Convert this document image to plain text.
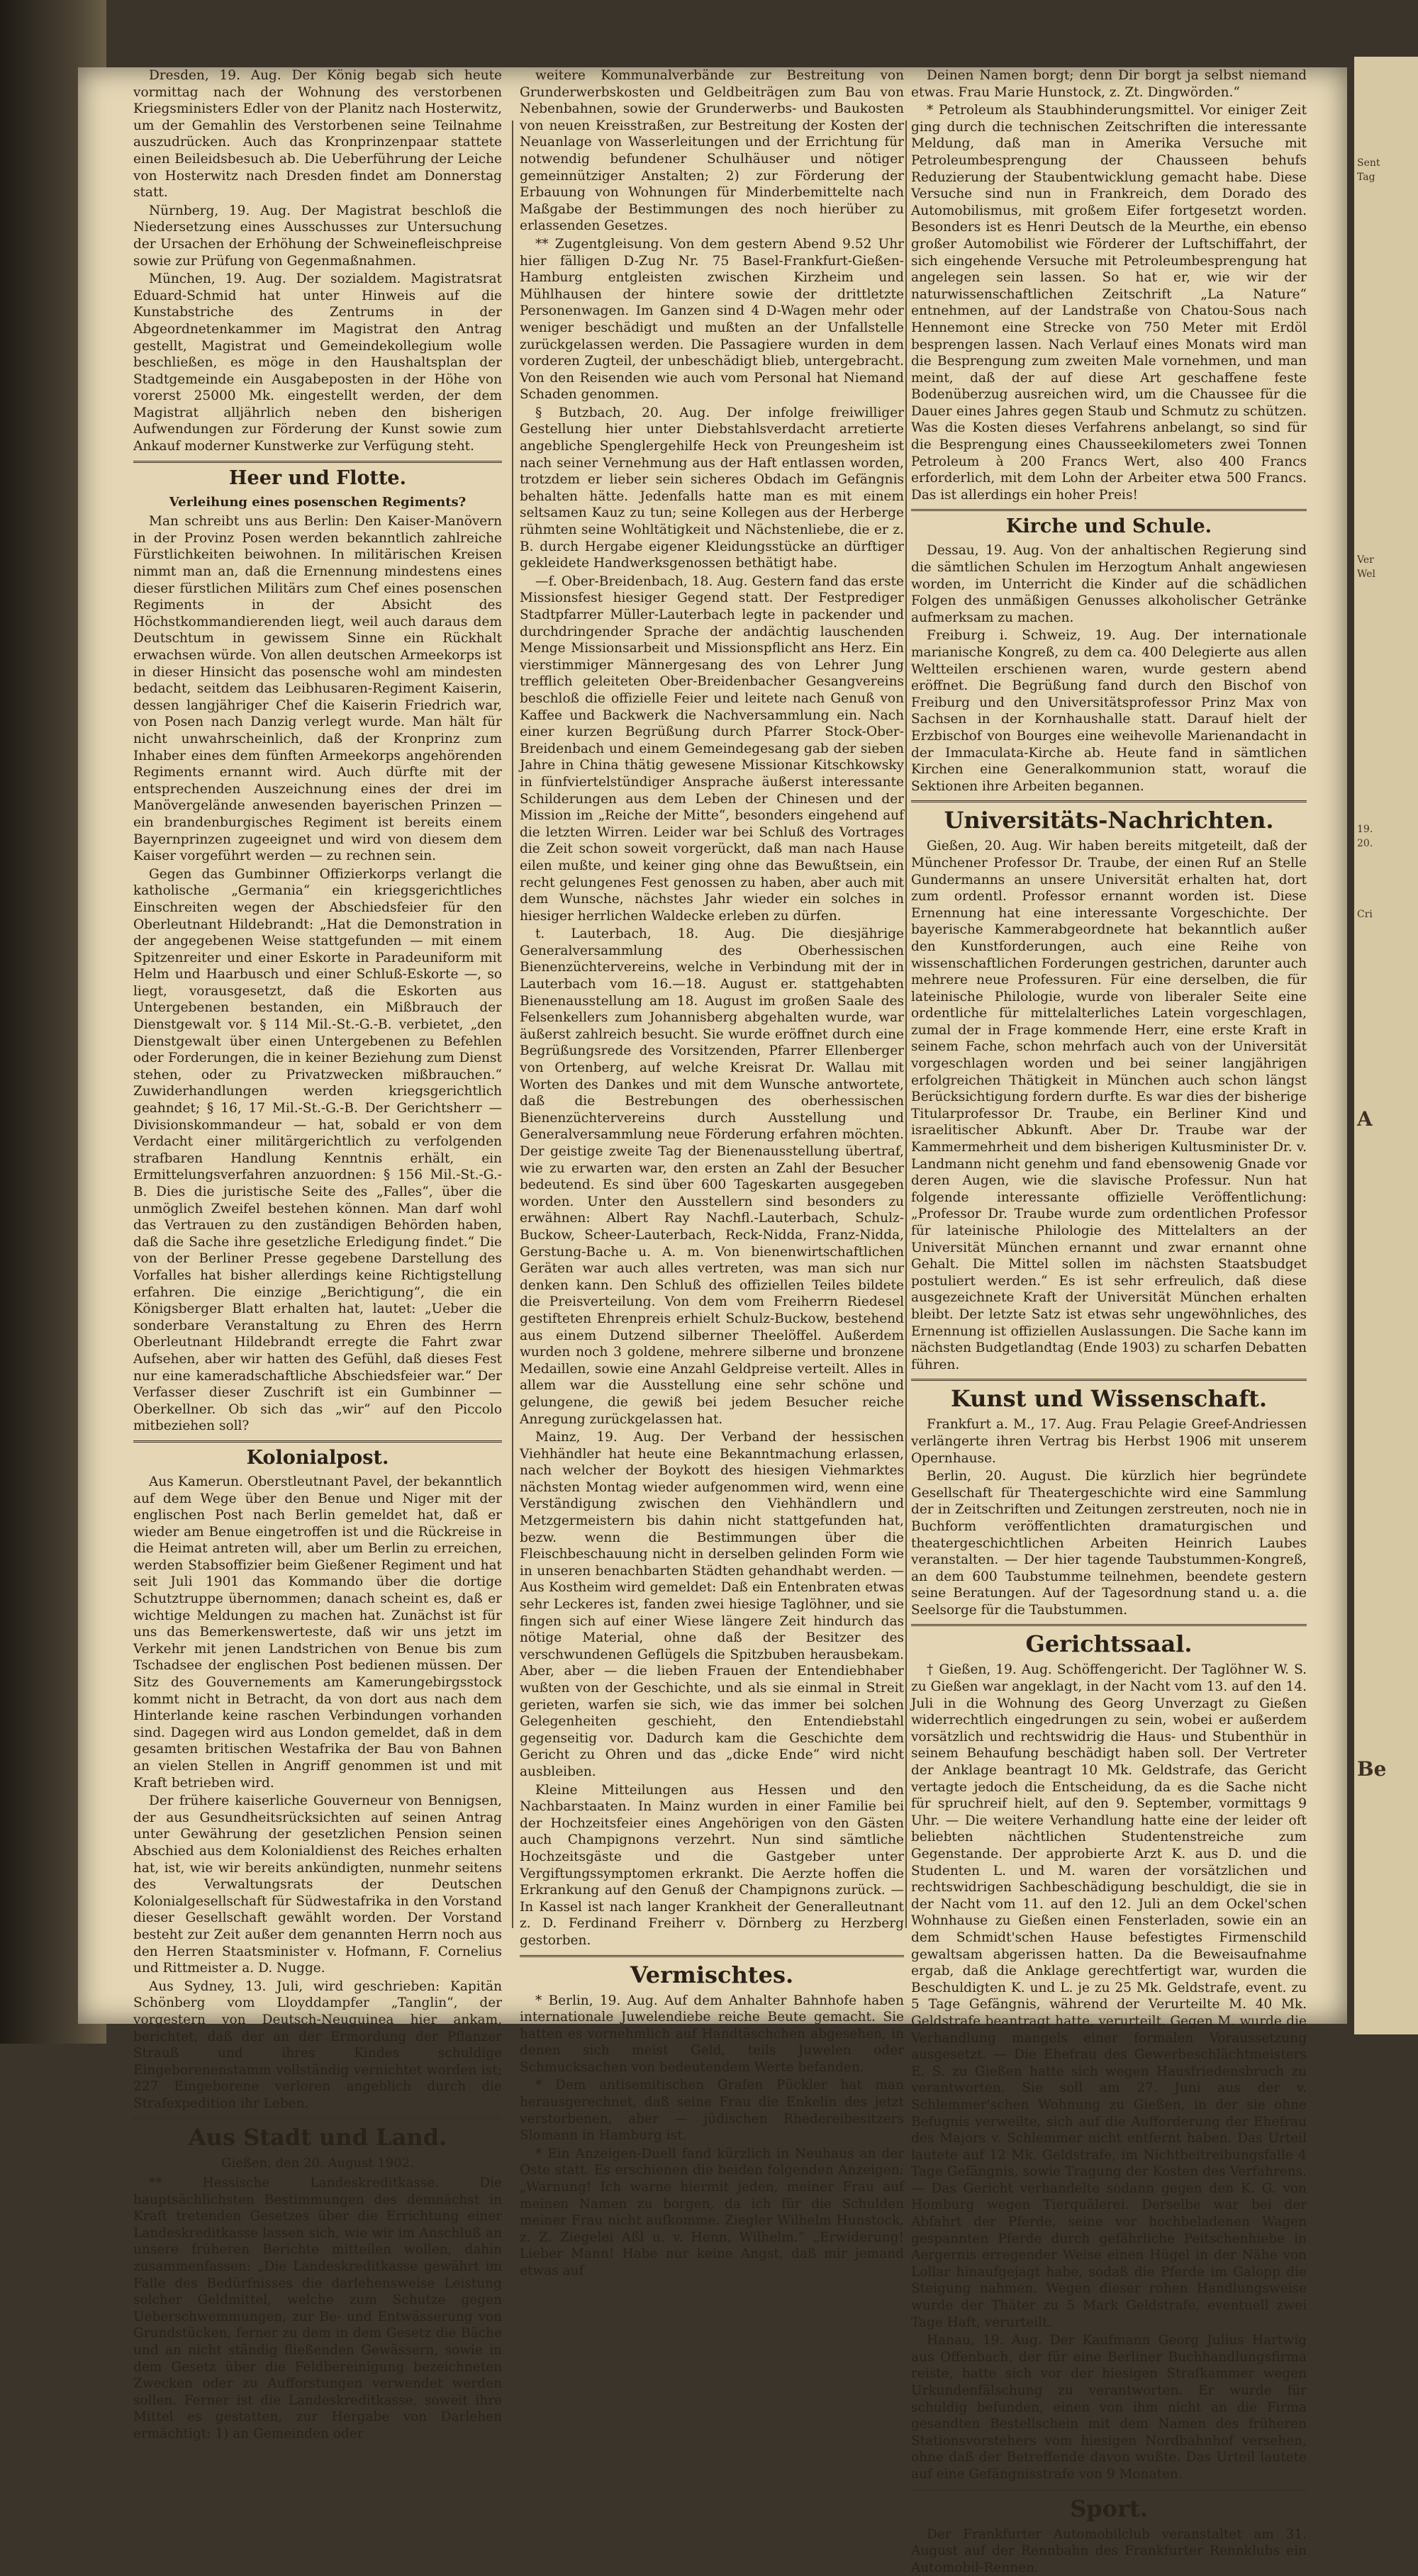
Sent
Tag
Ver
Wel
19.
20.
Cri
A
Be

Dresden, 19. Aug. Der König begab sich heute vormittag nach der Wohnung des verstorbenen Kriegsministers Edler von der Planitz nach Hosterwitz, um der Gemahlin des Verstorbenen seine Teilnahme auszudrücken. Auch das Kronprinzenpaar stattete einen Beileidsbesuch ab. Die Ueberführung der Leiche von Hosterwitz nach Dresden findet am Donnerstag statt.

Nürnberg, 19. Aug. Der Magistrat beschloß die Niedersetzung eines Ausschusses zur Untersuchung der Ursachen der Erhöhung der Schweinefleischpreise sowie zur Prüfung von Gegenmaßnahmen.

München, 19. Aug. Der sozialdem. Magistratsrat Eduard-Schmid hat unter Hinweis auf die Kunstabstriche des Zentrums in der Abgeordnetenkammer im Magistrat den Antrag gestellt, Magistrat und Gemeindekollegium wolle beschließen, es möge in den Haushaltsplan der Stadtgemeinde ein Ausgabeposten in der Höhe von vorerst 25000 Mk. eingestellt werden, der dem Magistrat alljährlich neben den bisherigen Aufwendungen zur Förderung der Kunst sowie zum Ankauf moderner Kunstwerke zur Verfügung steht.

Heer und Flotte.
Verleihung eines posenschen Regiments?

Man schreibt uns aus Berlin: Den Kaiser-Manövern in der Provinz Posen werden bekanntlich zahlreiche Fürstlichkeiten beiwohnen. In militärischen Kreisen nimmt man an, daß die Ernennung mindestens eines dieser fürstlichen Militärs zum Chef eines posenschen Regiments in der Absicht des Höchstkommandierenden liegt, weil auch daraus dem Deutschtum in gewissem Sinne ein Rückhalt erwachsen würde. Von allen deutschen Armeekorps ist in dieser Hinsicht das posensche wohl am mindesten bedacht, seitdem das Leibhusaren-Regiment Kaiserin, dessen langjähriger Chef die Kaiserin Friedrich war, von Posen nach Danzig verlegt wurde. Man hält für nicht unwahrscheinlich, daß der Kronprinz zum Inhaber eines dem fünften Armeekorps angehörenden Regiments ernannt wird. Auch dürfte mit der entsprechenden Auszeichnung eines der drei im Manövergelände anwesenden bayerischen Prinzen — ein brandenburgisches Regiment ist bereits einem Bayernprinzen zugeeignet und wird von diesem dem Kaiser vorgeführt werden — zu rechnen sein.

Gegen das Gumbinner Offizierkorps verlangt die katholische „Germania“ ein kriegsgerichtliches Einschreiten wegen der Abschiedsfeier für den Oberleutnant Hildebrandt: „Hat die Demonstration in der angegebenen Weise stattgefunden — mit einem Spitzenreiter und einer Eskorte in Paradeuniform mit Helm und Haarbusch und einer Schluß-Eskorte —, so liegt, vorausgesetzt, daß die Eskorten aus Untergebenen bestanden, ein Mißbrauch der Dienstgewalt vor. § 114 Mil.-St.-G.-B. verbietet, „den Dienstgewalt über einen Untergebenen zu Befehlen oder Forderungen, die in keiner Beziehung zum Dienst stehen, oder zu Privatzwecken mißbrauchen.“ Zuwiderhandlungen werden kriegsgerichtlich geahndet; § 16, 17 Mil.-St.-G.-B. Der Gerichtsherr — Divisionskommandeur — hat, sobald er von dem Verdacht einer militärgerichtlich zu verfolgenden strafbaren Handlung Kenntnis erhält, ein Ermittelungsverfahren anzuordnen: § 156 Mil.-St.-G.-B. Dies die juristische Seite des „Falles“, über die unmöglich Zweifel bestehen können. Man darf wohl das Vertrauen zu den zuständigen Behörden haben, daß die Sache ihre gesetzliche Erledigung findet.“ Die von der Berliner Presse gegebene Darstellung des Vorfalles hat bisher allerdings keine Richtigstellung erfahren. Die einzige „Berichtigung“, die ein Königsberger Blatt erhalten hat, lautet: „Ueber die sonderbare Veranstaltung zu Ehren des Herrn Oberleutnant Hildebrandt erregte die Fahrt zwar Aufsehen, aber wir hatten des Gefühl, daß dieses Fest nur eine kameradschaftliche Abschiedsfeier war.“ Der Verfasser dieser Zuschrift ist ein Gumbinner — Oberkellner. Ob sich das „wir“ auf den Piccolo mitbeziehen soll?

Kolonialpost.

Aus Kamerun. Oberstleutnant Pavel, der bekanntlich auf dem Wege über den Benue und Niger mit der englischen Post nach Berlin gemeldet hat, daß er wieder am Benue eingetroffen ist und die Rückreise in die Heimat antreten will, aber um Berlin zu erreichen, werden Stabsoffizier beim Gießener Regiment und hat seit Juli 1901 das Kommando über die dortige Schutztruppe übernommen; danach scheint es, daß er wichtige Meldungen zu machen hat. Zunächst ist für uns das Bemerkenswerteste, daß wir uns jetzt im Verkehr mit jenen Landstrichen von Benue bis zum Tschadsee der englischen Post bedienen müssen. Der Sitz des Gouvernements am Kamerungebirgsstock kommt nicht in Betracht, da von dort aus nach dem Hinterlande keine raschen Verbindungen vorhanden sind. Dagegen wird aus London gemeldet, daß in dem gesamten britischen Westafrika der Bau von Bahnen an vielen Stellen in Angriff genommen ist und mit Kraft betrieben wird.

Der frühere kaiserliche Gouverneur von Bennigsen, der aus Gesundheitsrücksichten auf seinen Antrag unter Gewährung der gesetzlichen Pension seinen Abschied aus dem Kolonialdienst des Reiches erhalten hat, ist, wie wir bereits ankündigten, nunmehr seitens des Verwaltungsrats der Deutschen Kolonialgesellschaft für Südwestafrika in den Vorstand dieser Gesellschaft gewählt worden. Der Vorstand besteht zur Zeit außer dem genannten Herrn noch aus den Herren Staatsminister v. Hofmann, F. Cornelius und Rittmeister a. D. Nugge.

Aus Sydney, 13. Juli, wird geschrieben: Kapitän Schönberg vom Lloyddampfer „Tanglin“, der vorgestern von Deutsch-Neuguinea hier ankam, berichtet, daß der an der Ermordung der Pflanzer Strauß und ihres Kindes schuldige Eingeborenenstamm vollständig vernichtet worden ist; 227 Eingeborene verloren angeblich durch die Strafexpedition ihr Leben.

Aus Stadt und Land.
Gießen, den 20. August 1902.

** Hessische Landeskreditkasse. Die hauptsächlichsten Bestimmungen des demnächst in Kraft tretenden Gesetzes über die Errichtung einer Landeskreditkasse lassen sich, wie wir im Anschluß an unsere früheren Berichte mitteilen wollen, dahin zusammenfassen: „Die Landeskreditkasse gewährt im Falle des Bedürfnisses die darlehensweise Leistung solcher Geldmittel, welche zum Schutze gegen Ueberschwemmungen, zur Be- und Entwässerung von Grundstücken, ferner zu dem in dem Gesetz die Bäche und an nicht ständig fließenden Gewässern, sowie in dem Gesetz über die Feldbereinigung bezeichneten Zwecken oder zu Aufforstungen verwendet werden sollen. Ferner ist die Landeskreditkasse, soweit ihre Mittel es gestatten, zur Hergabe von Darlehen ermächtigt: 1) an Gemeinden oder

weitere Kommunalverbände zur Bestreitung von Grunderwerbskosten und Geldbeiträgen zum Bau von Nebenbahnen, sowie der Grunderwerbs- und Baukosten von neuen Kreisstraßen, zur Bestreitung der Kosten der Neuanlage von Wasserleitungen und der Errichtung für notwendig befundener Schulhäuser und nötiger gemeinnütziger Anstalten; 2) zur Förderung der Erbauung von Wohnungen für Minderbemittelte nach Maßgabe der Bestimmungen des noch hierüber zu erlassenden Gesetzes.

** Zugentgleisung. Von dem gestern Abend 9.52 Uhr hier fälligen D-Zug Nr. 75 Basel-Frankfurt-Gießen-Hamburg entgleisten zwischen Kirzheim und Mühlhausen der hintere sowie der drittletzte Personenwagen. Im Ganzen sind 4 D-Wagen mehr oder weniger beschädigt und mußten an der Unfallstelle zurückgelassen werden. Die Passagiere wurden in dem vorderen Zugteil, der unbeschädigt blieb, untergebracht. Von den Reisenden wie auch vom Personal hat Niemand Schaden genommen.

§ Butzbach, 20. Aug. Der infolge freiwilliger Gestellung hier unter Diebstahlsverdacht arretierte angebliche Spenglergehilfe Heck von Preungesheim ist nach seiner Vernehmung aus der Haft entlassen worden, trotzdem er lieber sein sicheres Obdach im Gefängnis behalten hätte. Jedenfalls hatte man es mit einem seltsamen Kauz zu tun; seine Kollegen aus der Herberge rühmten seine Wohltätigkeit und Nächstenliebe, die er z. B. durch Hergabe eigener Kleidungsstücke an dürftiger gekleidete Handwerksgenossen bethätigt habe.

—f. Ober-Breidenbach, 18. Aug. Gestern fand das erste Missionsfest hiesiger Gegend statt. Der Festprediger Stadtpfarrer Müller-Lauterbach legte in packender und durchdringender Sprache der andächtig lauschenden Menge Missionsarbeit und Missionspflicht ans Herz. Ein vierstimmiger Männergesang des von Lehrer Jung trefflich geleiteten Ober-Breidenbacher Gesangvereins beschloß die offizielle Feier und leitete nach Genuß von Kaffee und Backwerk die Nachversammlung ein. Nach einer kurzen Begrüßung durch Pfarrer Stock-Ober-Breidenbach und einem Gemeindegesang gab der sieben Jahre in China thätig gewesene Missionar Kitschkowsky in fünfviertelstündiger Ansprache äußerst interessante Schilderungen aus dem Leben der Chinesen und der Mission im „Reiche der Mitte“, besonders eingehend auf die letzten Wirren. Leider war bei Schluß des Vortrages die Zeit schon soweit vorgerückt, daß man nach Hause eilen mußte, und keiner ging ohne das Bewußtsein, ein recht gelungenes Fest genossen zu haben, aber auch mit dem Wunsche, nächstes Jahr wieder ein solches in hiesiger herrlichen Waldecke erleben zu dürfen.

t. Lauterbach, 18. Aug. Die diesjährige Generalversammlung des Oberhessischen Bienenzüchtervereins, welche in Verbindung mit der in Lauterbach vom 16.—18. August er. stattgehabten Bienenausstellung am 18. August im großen Saale des Felsenkellers zum Johannisberg abgehalten wurde, war äußerst zahlreich besucht. Sie wurde eröffnet durch eine Begrüßungsrede des Vorsitzenden, Pfarrer Ellenberger von Ortenberg, auf welche Kreisrat Dr. Wallau mit Worten des Dankes und mit dem Wunsche antwortete, daß die Bestrebungen des oberhessischen Bienenzüchtervereins durch Ausstellung und Generalversammlung neue Förderung erfahren möchten. Der geistige zweite Tag der Bienenausstellung übertraf, wie zu erwarten war, den ersten an Zahl der Besucher bedeutend. Es sind über 600 Tageskarten ausgegeben worden. Unter den Ausstellern sind besonders zu erwähnen: Albert Ray Nachfl.-Lauterbach, Schulz-Buckow, Scheer-Lauterbach, Reck-Nidda, Franz-Nidda, Gerstung-Bache u. A. m. Von bienenwirtschaftlichen Geräten war auch alles vertreten, was man sich nur denken kann. Den Schluß des offiziellen Teiles bildete die Preisverteilung. Von dem vom Freiherrn Riedesel gestifteten Ehrenpreis erhielt Schulz-Buckow, bestehend aus einem Dutzend silberner Theelöffel. Außerdem wurden noch 3 goldene, mehrere silberne und bronzene Medaillen, sowie eine Anzahl Geldpreise verteilt. Alles in allem war die Ausstellung eine sehr schöne und gelungene, die gewiß bei jedem Besucher reiche Anregung zurückgelassen hat.

Mainz, 19. Aug. Der Verband der hessischen Viehhändler hat heute eine Bekanntmachung erlassen, nach welcher der Boykott des hiesigen Viehmarktes nächsten Montag wieder aufgenommen wird, wenn eine Verständigung zwischen den Viehhändlern und Metzgermeistern bis dahin nicht stattgefunden hat, bezw. wenn die Bestimmungen über die Fleischbeschauung nicht in derselben gelinden Form wie in unseren benachbarten Städten gehandhabt werden. — Aus Kostheim wird gemeldet: Daß ein Entenbraten etwas sehr Leckeres ist, fanden zwei hiesige Taglöhner, und sie fingen sich auf einer Wiese längere Zeit hindurch das nötige Material, ohne daß der Besitzer des verschwundenen Geflügels die Spitzbuben herausbekam. Aber, aber — die lieben Frauen der Entendiebhaber wußten von der Geschichte, und als sie einmal in Streit gerieten, warfen sie sich, wie das immer bei solchen Gelegenheiten geschieht, den Entendiebstahl gegenseitig vor. Dadurch kam die Geschichte dem Gericht zu Ohren und das „dicke Ende“ wird nicht ausbleiben.

Kleine Mitteilungen aus Hessen und den Nachbarstaaten. In Mainz wurden in einer Familie bei der Hochzeitsfeier eines Angehörigen von den Gästen auch Champignons verzehrt. Nun sind sämtliche Hochzeitsgäste und die Gastgeber unter Vergiftungssymptomen erkrankt. Die Aerzte hoffen die Erkrankung auf den Genuß der Champignons zurück. — In Kassel ist nach langer Krankheit der Generalleutnant z. D. Ferdinand Freiherr v. Dörnberg zu Herzberg gestorben.

Vermischtes.

* Berlin, 19. Aug. Auf dem Anhalter Bahnhofe haben internationale Juwelendiebe reiche Beute gemacht. Sie hatten es vornehmlich auf Handtäschchen abgesehen, in denen sich meist Geld, teils Juwelen oder Schmucksachen von bedeutendem Werte befanden.

* Dem antisemitischen Grafen Pückler hat man herausgerechnet, daß seine Frau die Enkelin des jetzt verstorbenen, aber — jüdischen Rhedereibesitzers Slomann in Hamburg ist.

* Ein Anzeigen-Duell fand kürzlich in Neuhaus an der Oste statt. Es erschienen die beiden folgenden Anzeigen: „Warnung! Ich warne hiermit jeden, meiner Frau auf meinen Namen zu borgen, da ich für die Schulden meiner Frau nicht aufkomme. Ziegler Wilhelm Hunstock, z. Z. Ziegelei Aßl u. v. Henn, Wilhelm.“ „Erwiderung! Lieber Mann! Habe nur keine Angst, daß mir jemand etwas auf

Deinen Namen borgt; denn Dir borgt ja selbst niemand etwas. Frau Marie Hunstock, z. Zt. Dingwörden.“

* Petroleum als Staubhinderungsmittel. Vor einiger Zeit ging durch die technischen Zeitschriften die interessante Meldung, daß man in Amerika Versuche mit Petroleumbesprengung der Chausseen behufs Reduzierung der Staubentwicklung gemacht habe. Diese Versuche sind nun in Frankreich, dem Dorado des Automobilismus, mit großem Eifer fortgesetzt worden. Besonders ist es Henri Deutsch de la Meurthe, ein ebenso großer Automobilist wie Förderer der Luftschiffahrt, der sich eingehende Versuche mit Petroleumbesprengung hat angelegen sein lassen. So hat er, wie wir der naturwissenschaftlichen Zeitschrift „La Nature“ entnehmen, auf der Landstraße von Chatou-Sous nach Hennemont eine Strecke von 750 Meter mit Erdöl besprengen lassen. Nach Verlauf eines Monats wird man die Besprengung zum zweiten Male vornehmen, und man meint, daß der auf diese Art geschaffene feste Bodenüberzug ausreichen wird, um die Chaussee für die Dauer eines Jahres gegen Staub und Schmutz zu schützen. Was die Kosten dieses Verfahrens anbelangt, so sind für die Besprengung eines Chausseekilometers zwei Tonnen Petroleum à 200 Francs Wert, also 400 Francs erforderlich, mit dem Lohn der Arbeiter etwa 500 Francs. Das ist allerdings ein hoher Preis!

Kirche und Schule.

Dessau, 19. Aug. Von der anhaltischen Regierung sind die sämtlichen Schulen im Herzogtum Anhalt angewiesen worden, im Unterricht die Kinder auf die schädlichen Folgen des unmäßigen Genusses alkoholischer Getränke aufmerksam zu machen.

Freiburg i. Schweiz, 19. Aug. Der internationale marianische Kongreß, zu dem ca. 400 Delegierte aus allen Weltteilen erschienen waren, wurde gestern abend eröffnet. Die Begrüßung fand durch den Bischof von Freiburg und den Universitätsprofessor Prinz Max von Sachsen in der Kornhaushalle statt. Darauf hielt der Erzbischof von Bourges eine weihevolle Marienandacht in der Immaculata-Kirche ab. Heute fand in sämtlichen Kirchen eine Generalkommunion statt, worauf die Sektionen ihre Arbeiten begannen.

Universitäts-Nachrichten.

Gießen, 20. Aug. Wir haben bereits mitgeteilt, daß der Münchener Professor Dr. Traube, der einen Ruf an Stelle Gundermanns an unsere Universität erhalten hat, dort zum ordentl. Professor ernannt worden ist. Diese Ernennung hat eine interessante Vorgeschichte. Der bayerische Kammerabgeordnete hat bekanntlich außer den Kunstforderungen, auch eine Reihe von wissenschaftlichen Forderungen gestrichen, darunter auch mehrere neue Professuren. Für eine derselben, die für lateinische Philologie, wurde von liberaler Seite eine ordentliche für mittelalterliches Latein vorgeschlagen, zumal der in Frage kommende Herr, eine erste Kraft in seinem Fache, schon mehrfach auch von der Universität vorgeschlagen worden und bei seiner langjährigen erfolgreichen Thätigkeit in München auch schon längst Berücksichtigung fordern durfte. Es war dies der bisherige Titularprofessor Dr. Traube, ein Berliner Kind und israelitischer Abkunft. Aber Dr. Traube war der Kammermehrheit und dem bisherigen Kultusminister Dr. v. Landmann nicht genehm und fand ebensowenig Gnade vor deren Augen, wie die slavische Professur. Nun hat folgende interessante offizielle Veröffentlichung: „Professor Dr. Traube wurde zum ordentlichen Professor für lateinische Philologie des Mittelalters an der Universität München ernannt und zwar ernannt ohne Gehalt. Die Mittel sollen im nächsten Staatsbudget postuliert werden.“ Es ist sehr erfreulich, daß diese ausgezeichnete Kraft der Universität München erhalten bleibt. Der letzte Satz ist etwas sehr ungewöhnliches, des Ernennung ist offiziellen Auslassungen. Die Sache kann im nächsten Budgetlandtag (Ende 1903) zu scharfen Debatten führen.

Kunst und Wissenschaft.

Frankfurt a. M., 17. Aug. Frau Pelagie Greef-Andriessen verlängerte ihren Vertrag bis Herbst 1906 mit unserem Opernhause.

Berlin, 20. August. Die kürzlich hier begründete Gesellschaft für Theatergeschichte wird eine Sammlung der in Zeitschriften und Zeitungen zerstreuten, noch nie in Buchform veröffentlichten dramaturgischen und theatergeschichtlichen Arbeiten Heinrich Laubes veranstalten. — Der hier tagende Taubstummen-Kongreß, an dem 600 Taubstumme teilnehmen, beendete gestern seine Beratungen. Auf der Tagesordnung stand u. a. die Seelsorge für die Taubstummen.

Gerichtssaal.

† Gießen, 19. Aug. Schöffengericht. Der Taglöhner W. S. zu Gießen war angeklagt, in der Nacht vom 13. auf den 14. Juli in die Wohnung des Georg Unverzagt zu Gießen widerrechtlich eingedrungen zu sein, wobei er außerdem vorsätzlich und rechtswidrig die Haus- und Stubenthür in seinem Behaufung beschädigt haben soll. Der Vertreter der Anklage beantragt 10 Mk. Geldstrafe, das Gericht vertagte jedoch die Entscheidung, da es die Sache nicht für spruchreif hielt, auf den 9. September, vormittags 9 Uhr. — Die weitere Verhandlung hatte eine der leider oft beliebten nächtlichen Studentenstreiche zum Gegenstande. Der approbierte Arzt K. aus D. und die Studenten L. und M. waren der vorsätzlichen und rechtswidrigen Sachbeschädigung beschuldigt, die sie in der Nacht vom 11. auf den 12. Juli an dem Ockel'schen Wohnhause zu Gießen einen Fensterladen, sowie ein an dem Schmidt'schen Hause befestigtes Firmenschild gewaltsam abgerissen hatten. Da die Beweisaufnahme ergab, daß die Anklage gerechtfertigt war, wurden die Beschuldigten K. und L. je zu 25 Mk. Geldstrafe, event. zu 5 Tage Gefängnis, während der Verurteilte M. 40 Mk. Geldstrafe beantragt hatte, verurteilt. Gegen M. wurde die Verhandlung mangels einer formalen Voraussetzung ausgesetzt. — Die Ehefrau des Gewerbeschlächtmeisters E. S. zu Gießen hatte sich wegen Hausfriedensbruch zu verantworten. Sie soll am 27. Juni aus der v. Schlemmer'schen Wohnung zu Gießen, in der sie ohne Befugnis verweilte, sich auf die Aufforderung der Ehefrau des Majors v. Schlemmer nicht entfernt haben. Das Urteil lautete auf 12 Mk. Geldstrafe, im Nichtbeitreibungsfalle 4 Tage Gefängnis, sowie Tragung der Kosten des Verfahrens. — Das Gericht verhandelte sodann gegen den K. G. von Homburg wegen Tierquälerei. Derselbe war bei der Abfahrt der Pferde, seine vor hochbeladenen Wagen gespannten Pferde durch gefährliche Peitschenhiebe in Aergernis erregender Weise einen Hügel in der Nähe von Lollar hinaufgejagt habe, sodaß die Pferde im Galopp die Steigung nahmen. Wegen dieser rohen Handlungsweise wurde der Thäter zu 5 Mark Geldstrafe, eventuell zwei Tage Haft, verurteilt.

Hanau, 19. Aug. Der Kaufmann Georg Julius Hartwig aus Offenbach, der für eine Berliner Buchhandlungsfirma reiste, hatte sich vor der hiesigen Strafkammer wegen Urkundenfälschung zu verantworten. Er wurde für schuldig befunden, einen von ihm nicht an die Firma gesandten Bestellschein mit dem Namen des früheren Stationsvorstehers vom hiesigen Nordbahnhof versehen, ohne daß der Betreffende davon wußte. Das Urteil lautete auf eine Gefängnisstrafe von 9 Monaten.

Sport.

Der Frankfurter Automobilclub veranstaltet am 31. August auf der Rennbahn des Frankfurter Rennklubs ein Automobil-Rennen.
